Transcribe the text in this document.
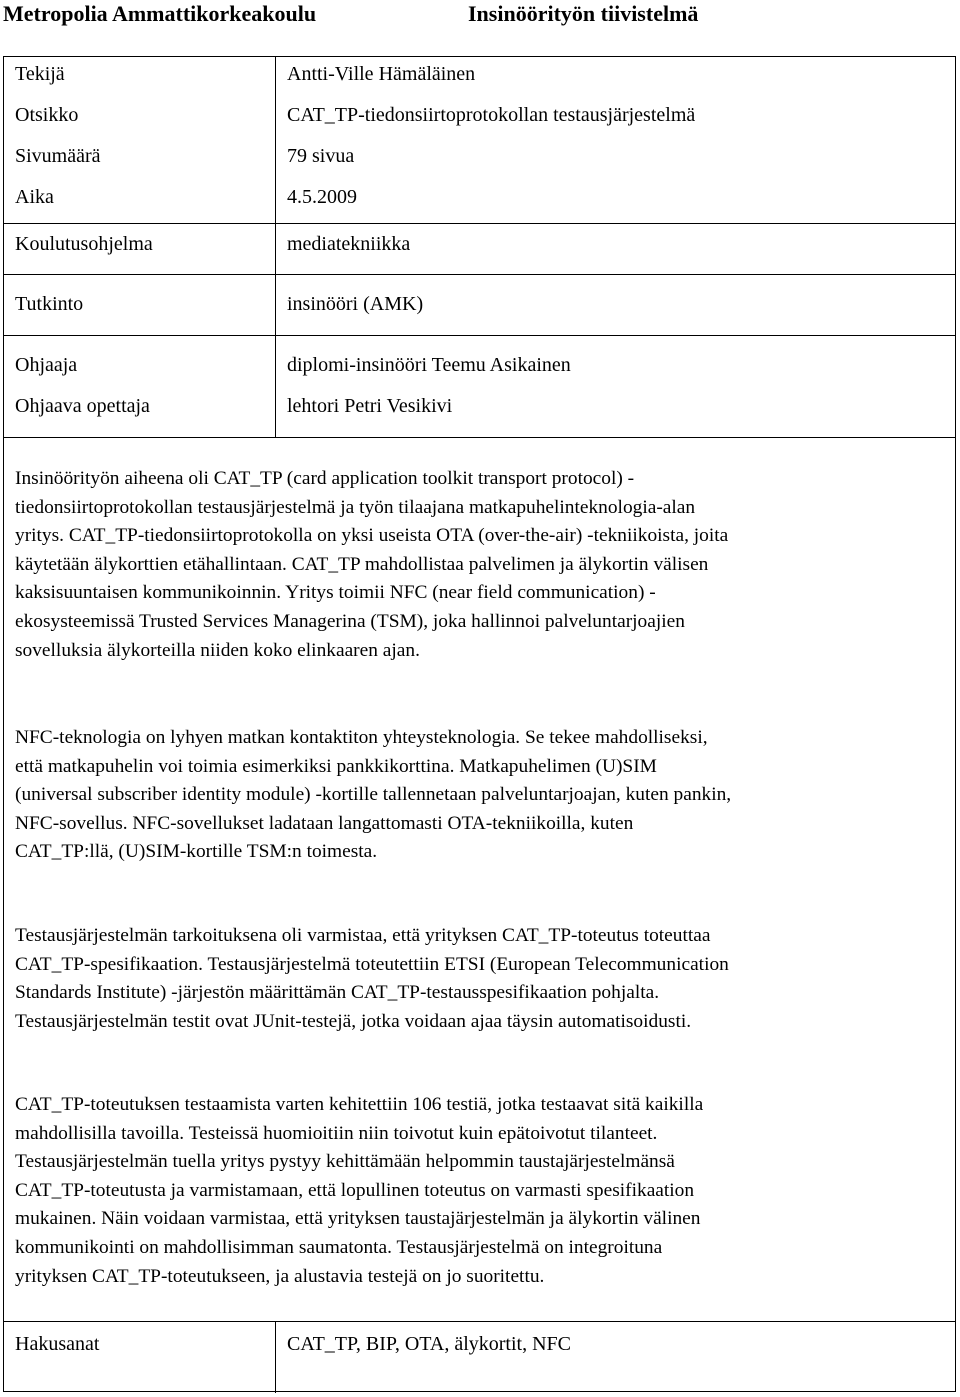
Metropolia Ammattikorkeakoulu	Insinöörityön tiivistelmä
Tekijä	Antti-Ville Hämäläinen
Otsikko	CAT_TP-tiedonsiirtoprotokollan testausjärjestelmä
Sivumäärä	79 sivua
Aika	4.5.2009
Koulutusohjelma	mediatekniikka
Tutkinto	insinööri (AMK)
Ohjaaja	diplomi-insinööri Teemu Asikainen
Ohjaava opettaja	lehtori Petri Vesikivi
Insinöörityön aiheena oli CAT_TP (card application toolkit transport protocol) -
tiedonsiirtoprotokollan testausjärjestelmä ja työn tilaajana matkapuhelinteknologia-alan
yritys. CAT_TP-tiedonsiirtoprotokolla on yksi useista OTA (over-the-air) -tekniikoista, joita
käytetään älykorttien etähallintaan. CAT_TP mahdollistaa palvelimen ja älykortin välisen
kaksisuuntaisen kommunikoinnin. Yritys toimii NFC (near field communication) -
ekosysteemissä Trusted Services Managerina (TSM), joka hallinnoi palveluntarjoajien
sovelluksia älykorteilla niiden koko elinkaaren ajan.
NFC-teknologia on lyhyen matkan kontaktiton yhteysteknologia. Se tekee mahdolliseksi,
että matkapuhelin voi toimia esimerkiksi pankkikorttina. Matkapuhelimen (U)SIM
(universal subscriber identity module) -kortille tallennetaan palveluntarjoajan, kuten pankin,
NFC-sovellus. NFC-sovellukset ladataan langattomasti OTA-tekniikoilla, kuten
CAT_TP:llä, (U)SIM-kortille TSM:n toimesta.
Testausjärjestelmän tarkoituksena oli varmistaa, että yrityksen CAT_TP-toteutus toteuttaa
CAT_TP-spesifikaation. Testausjärjestelmä toteutettiin ETSI (European Telecommunication
Standards Institute) -järjestön määrittämän CAT_TP-testausspesifikaation pohjalta.
Testausjärjestelmän testit ovat JUnit-testejä, jotka voidaan ajaa täysin automatisoidusti.
CAT_TP-toteutuksen testaamista varten kehitettiin 106 testiä, jotka testaavat sitä kaikilla
mahdollisilla tavoilla. Testeissä huomioitiin niin toivotut kuin epätoivotut tilanteet.
Testausjärjestelmän tuella yritys pystyy kehittämään helpommin taustajärjestelmänsä
CAT_TP-toteutusta ja varmistamaan, että lopullinen toteutus on varmasti spesifikaation
mukainen. Näin voidaan varmistaa, että yrityksen taustajärjestelmän ja älykortin välinen
kommunikointi on mahdollisimman saumatonta. Testausjärjestelmä on integroituna
yrityksen CAT_TP-toteutukseen, ja alustavia testejä on jo suoritettu.
Hakusanat	CAT_TP, BIP, OTA, älykortit, NFC
